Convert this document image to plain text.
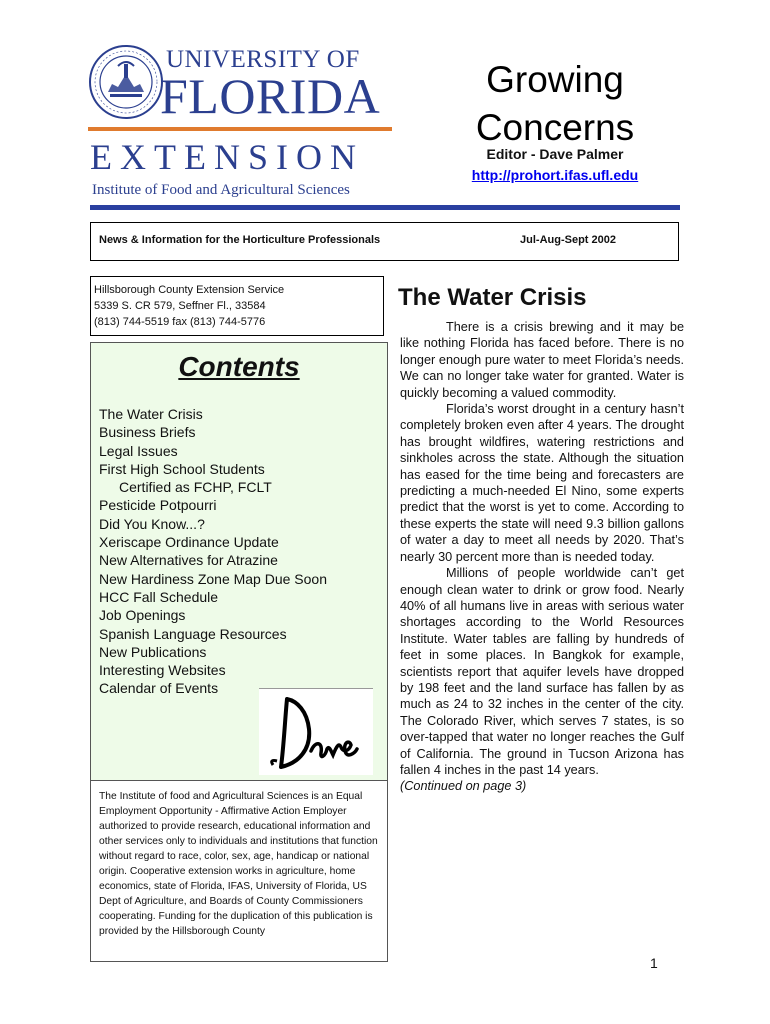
UNIVERSITY OF
FLORIDA
EXTENSION
Institute of Food and Agricultural Sciences
Growing
Concerns
Editor - Dave Palmer
http://prohort.ifas.ufl.edu
News & Information for the Horticulture Professionals	Jul-Aug-Sept 2002
Hillsborough County Extension Service
5339 S. CR 579, Seffner Fl., 33584
(813) 744-5519 fax (813) 744-5776
Contents
The Water Crisis
Business Briefs
Legal Issues
First High School Students
Certified as FCHP, FCLT
Pesticide Potpourri
Did You Know...?
Xeriscape Ordinance Update
New Alternatives for Atrazine
New Hardiness Zone Map Due Soon
HCC Fall Schedule
Job Openings
Spanish Language Resources
New Publications
Interesting Websites
Calendar of Events
The Institute of food and Agricultural Sciences is an Equal Employment Opportunity - Affirmative Action Employer authorized to provide research, educational information and other services only to individuals and institutions that function without regard to race, color, sex, age, handicap or national origin. Cooperative extension works in agriculture, home economics, state of Florida, IFAS, University of Florida, US Dept of Agriculture, and Boards of County Commissioners cooperating. Funding for the duplication of this publication is provided by the Hillsborough County
The Water Crisis

There is a crisis brewing and it may be like nothing Florida has faced before. There is no longer enough pure water to meet Florida’s needs. We can no longer take water for granted. Water is quickly becoming a valued commodity.

Florida’s worst drought in a century hasn’t completely broken even after 4 years. The drought has brought wildfires, watering restrictions and sinkholes across the state. Although the situation has eased for the time being and forecasters are predicting a much-needed El Nino, some experts predict that the worst is yet to come. According to these experts the state will need 9.3 billion gallons of water a day to meet all needs by 2020. That’s nearly 30 percent more than is needed today.

Millions of people worldwide can’t get enough clean water to drink or grow food. Nearly 40% of all humans live in areas with serious water shortages according to the World Resources Institute. Water tables are falling by hundreds of feet in some places. In Bangkok for example, scientists report that aquifer levels have dropped by 198 feet and the land surface has fallen by as much as 24 to 32 inches in the center of the city. The Colorado River, which serves 7 states, is so over-tapped that water no longer reaches the Gulf of California. The ground in Tucson Arizona has fallen 4 inches in the past 14 years.

(Continued on page 3)

1
